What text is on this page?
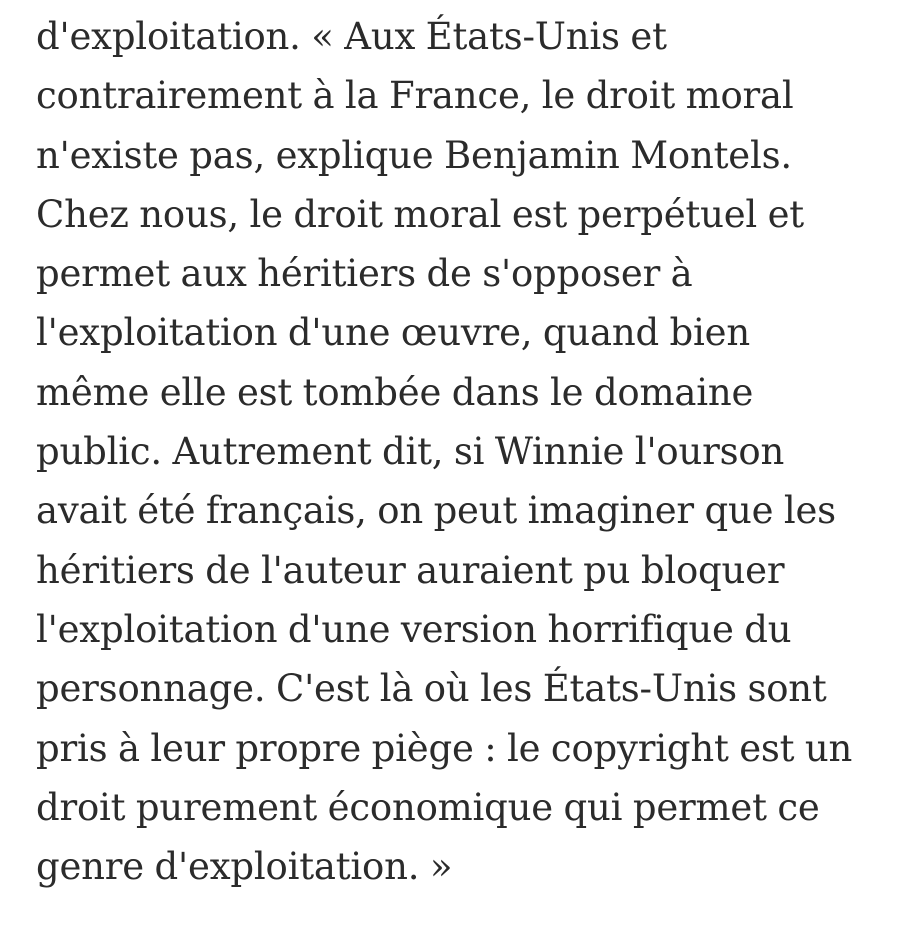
d'exploitation. « Aux États-Unis et
contrairement à la France, le droit moral
n'existe pas, explique Benjamin Montels.
Chez nous, le droit moral est perpétuel et
permet aux héritiers de s'opposer à
l'exploitation d'une œuvre, quand bien
même elle est tombée dans le domaine
public. Autrement dit, si Winnie l'ourson
avait été français, on peut imaginer que les
héritiers de l'auteur auraient pu bloquer
l'exploitation d'une version horrifique du
personnage. C'est là où les États-Unis sont
pris à leur propre piège : le copyright est un
droit purement économique qui permet ce
genre d'exploitation. »
